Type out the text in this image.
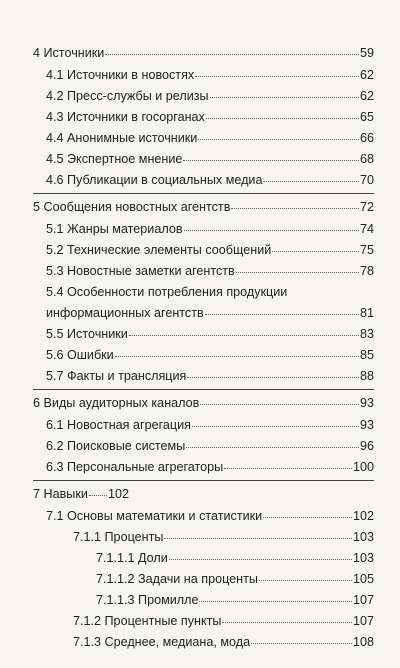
4 Источники	59
4.1 Источники в новостях	62
4.2 Пресс-службы и релизы	62
4.3 Источники в госорганах	65
4.4 Анонимные источники	66
4.5 Экспертное мнение	68
4.6 Публикации в социальных медиа	70
5 Сообщения новостных агентств	72
5.1 Жанры материалов	74
5.2 Технические элементы сообщений	75
5.3 Новостные заметки агентств	78
5.4 Особенности потребления продукции
информационных агентств	81
5.5 Источники	83
5.6 Ошибки	85
5.7 Факты и трансляция	88
6 Виды аудиторных каналов	93
6.1 Новостная агрегация	93
6.2 Поисковые системы	96
6.3 Персональные агрегаторы	100
7 Навыки 102
7.1 Основы математики и статистики	102
7.1.1 Проценты	103
7.1.1.1 Доли	103
7.1.1.2 Задачи на проценты	105
7.1.1.3 Промилле	107
7.1.2 Процентные пункты	107
7.1.3 Среднее, медиана, мода	108
